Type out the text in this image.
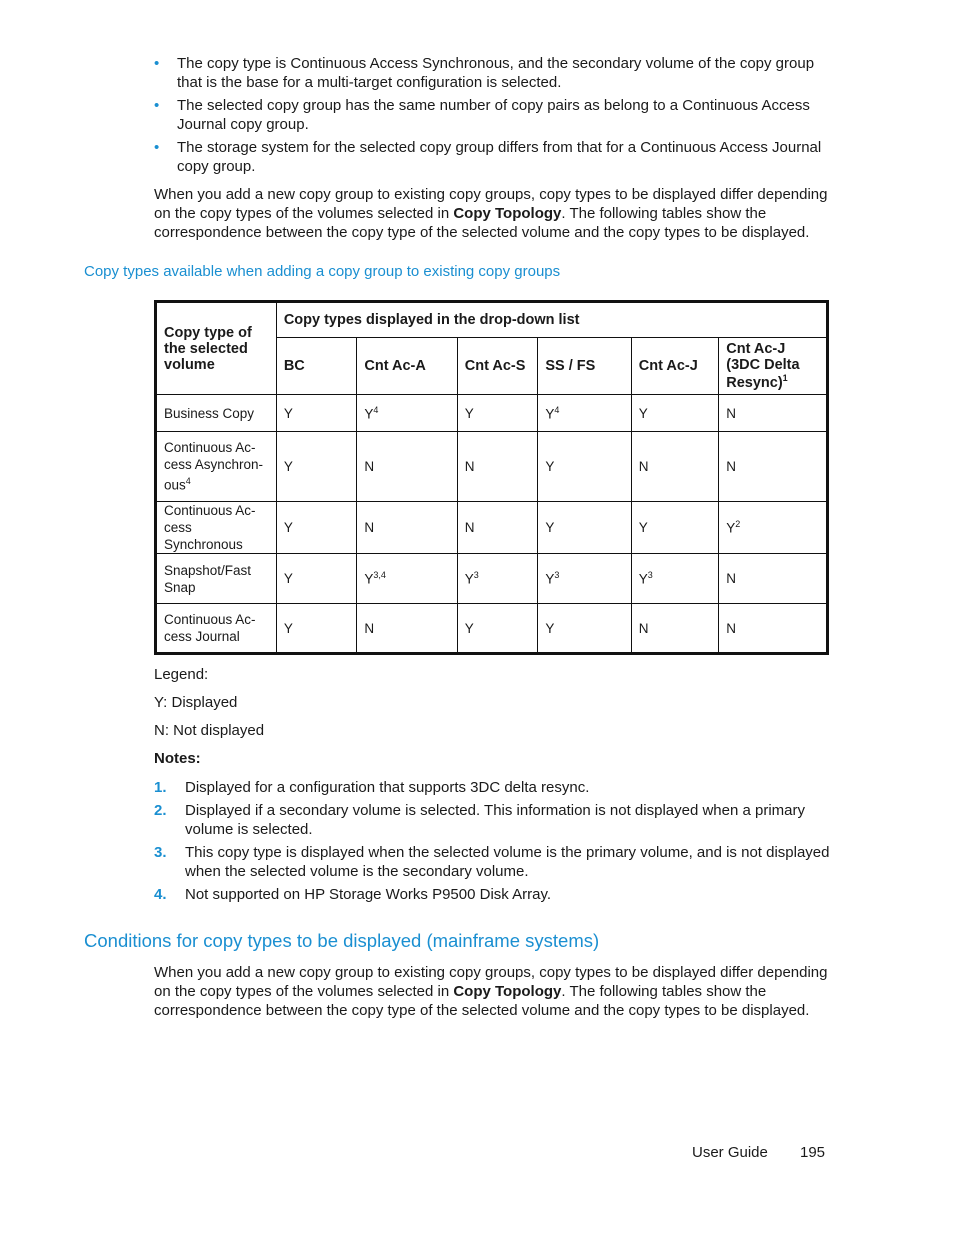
• The copy type is Continuous Access Synchronous, and the secondary volume of the copy group that is the base for a multi-target configuration is selected.
• The selected copy group has the same number of copy pairs as belong to a Continuous Access Journal copy group.
• The storage system for the selected copy group differs from that for a Continuous Access Journal copy group.

When you add a new copy group to existing copy groups, copy types to be displayed differ depending on the copy types of the volumes selected in Copy Topology. The following tables show the correspondence between the copy type of the selected volume and the copy types to be displayed.

Copy types available when adding a copy group to existing copy groups
Copy type of the selected volume	Copy types displayed in the drop-down list					
	BC	Cnt Ac-A	Cnt Ac-S	SS / FS	Cnt Ac-J	Cnt Ac-J (3DC Delta Resync)$^1$
Business Copy	Y	$Y^4$	Y	$Y^4$	Y	N
Continuous Ac-cess Asynchron-ous$^4$	Y	N	N	Y	N	N
Continuous Ac-cess Synchronous	Y	N	N	Y	Y	$Y^2$
Snapshot/Fast Snap	Y	Y$^{3,4}$	$Y^3$	$Y^3$	$Y^3$	N
Continuous Ac-cess Journal	Y	N	Y	Y	N	N

Legend:

Y: Displayed

N: Not displayed

Notes:

1. Displayed for a configuration that supports 3DC delta resync.
2. Displayed if a secondary volume is selected. This information is not displayed when a primary volume is selected.
3. This copy type is displayed when the selected volume is the primary volume, and is not displayed when the selected volume is the secondary volume.
4. Not supported on HP Storage Works P9500 Disk Array.
Conditions for copy types to be displayed (mainframe systems)

When you add a new copy group to existing copy groups, copy types to be displayed differ depending on the copy types of the volumes selected in Copy Topology. The following tables show the correspondence between the copy type of the selected volume and the copy types to be displayed.

User Guide 195
